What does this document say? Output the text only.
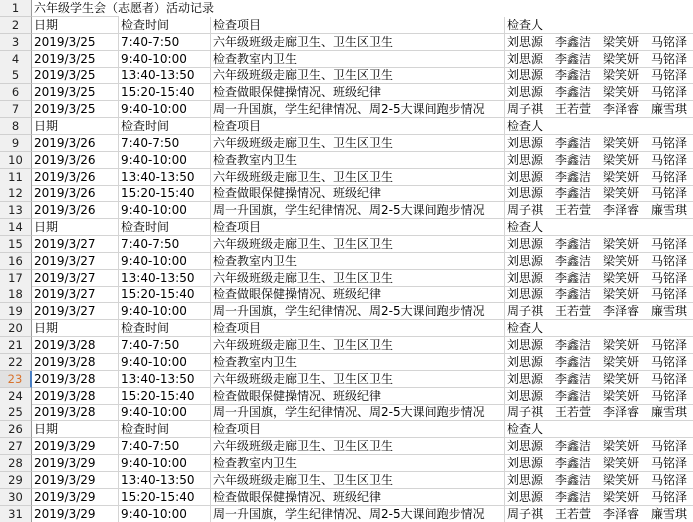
1	六年级学生会（志愿者）活动记录
2	日期	检查时间	检查项目	检查人
3	2019/3/25	7:40-7:50	六年级班级走廊卫生、卫生区卫生	刘思源　李鑫洁　梁笑妍　马铭泽
4	2019/3/25	9:40-10:00	检查教室内卫生	刘思源　李鑫洁　梁笑妍　马铭泽
5	2019/3/25	13:40-13:50	六年级班级走廊卫生、卫生区卫生	刘思源　李鑫洁　梁笑妍　马铭泽
6	2019/3/25	15:20-15:40	检查做眼保健操情况、班级纪律	刘思源　李鑫洁　梁笑妍　马铭泽
7	2019/3/25	9:40-10:00	周一升国旗，学生纪律情况、周2-5大课间跑步情况	周子祺　王若萱　李泽睿　廉雪琪
8	日期	检查时间	检查项目	检查人
9	2019/3/26	7:40-7:50	六年级班级走廊卫生、卫生区卫生	刘思源　李鑫洁　梁笑妍　马铭泽
10 2019/3/26	9:40-10:00	检查教室内卫生	刘思源　李鑫洁　梁笑妍　马铭泽
11 2019/3/26	13:40-13:50	六年级班级走廊卫生、卫生区卫生	刘思源　李鑫洁　梁笑妍　马铭泽
12 2019/3/26	15:20-15:40	检查做眼保健操情况、班级纪律	刘思源　李鑫洁　梁笑妍　马铭泽
13 2019/3/26	9:40-10:00	周一升国旗，学生纪律情况、周2-5大课间跑步情况	周子祺　王若萱　李泽睿　廉雪琪
14 日期	检查时间	检查项目	检查人
15 2019/3/27	7:40-7:50	六年级班级走廊卫生、卫生区卫生	刘思源　李鑫洁　梁笑妍　马铭泽
16 2019/3/27	9:40-10:00	检查教室内卫生	刘思源　李鑫洁　梁笑妍　马铭泽
17 2019/3/27	13:40-13:50	六年级班级走廊卫生、卫生区卫生	刘思源　李鑫洁　梁笑妍　马铭泽
18 2019/3/27	15:20-15:40	检查做眼保健操情况、班级纪律	刘思源　李鑫洁　梁笑妍　马铭泽
19 2019/3/27	9:40-10:00	周一升国旗，学生纪律情况、周2-5大课间跑步情况	周子祺　王若萱　李泽睿　廉雪琪
20 日期	检查时间	检查项目	检查人
21 2019/3/28	7:40-7:50	六年级班级走廊卫生、卫生区卫生	刘思源　李鑫洁　梁笑妍　马铭泽
22 2019/3/28	9:40-10:00	检查教室内卫生	刘思源　李鑫洁　梁笑妍　马铭泽
23 2019/3/28	13:40-13:50	六年级班级走廊卫生、卫生区卫生	刘思源　李鑫洁　梁笑妍　马铭泽
24 2019/3/28	15:20-15:40	检查做眼保健操情况、班级纪律	刘思源　李鑫洁　梁笑妍　马铭泽
25 2019/3/28	9:40-10:00	周一升国旗，学生纪律情况、周2-5大课间跑步情况	周子祺　王若萱　李泽睿　廉雪琪
26 日期	检查时间	检查项目	检查人
27 2019/3/29	7:40-7:50	六年级班级走廊卫生、卫生区卫生	刘思源　李鑫洁　梁笑妍　马铭泽
28 2019/3/29	9:40-10:00	检查教室内卫生	刘思源　李鑫洁　梁笑妍　马铭泽
29 2019/3/29	13:40-13:50	六年级班级走廊卫生、卫生区卫生	刘思源　李鑫洁　梁笑妍　马铭泽
30 2019/3/29	15:20-15:40	检查做眼保健操情况、班级纪律	刘思源　李鑫洁　梁笑妍　马铭泽
31 2019/3/29	9:40-10:00	周一升国旗，学生纪律情况、周2-5大课间跑步情况	周子祺　王若萱　李泽睿　廉雪琪
